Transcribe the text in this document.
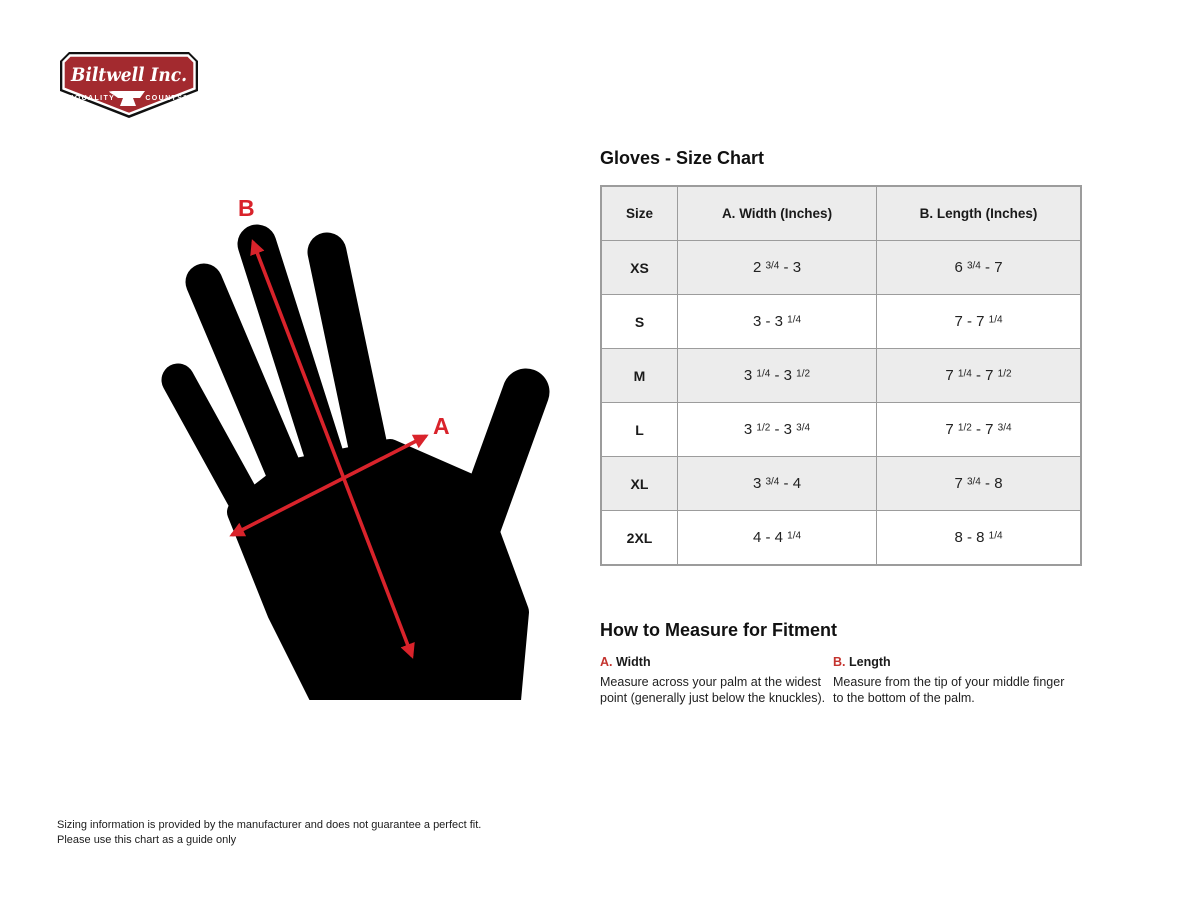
Biltwell Inc.
"QUALITY	COUNTS"
B
A
Gloves - Size Chart
Size	A. Width (Inches)	B. Length (Inches)
XS	2 $^{3/4}$ - 3	6 $^{3/4}$ - 7
S	3 - 3 $^{1/4}$	7 - 7 $^{1/4}$
M	3 $^{1/4}$ - 3 $^{1/2}$	7 $^{1/4}$ - 7 $^{1/2}$
L	3 $^{1/2}$ - 3 $^{3/4}$	7 $^{1/2}$ - 7 $^{3/4}$
XL	3 $^{3/4}$ - 4	7 $^{3/4}$ - 8
2XL	4 - 4 $^{1/4}$	8 - 8 $^{1/4}$
How to Measure for Fitment
A. Width
Measure across your palm at the widest point (generally just below the knuckles).
B. Length
Measure from the tip of your middle finger to the bottom of the palm.
Sizing information is provided by the manufacturer and does not guarantee a perfect fit.
Please use this chart as a guide only
